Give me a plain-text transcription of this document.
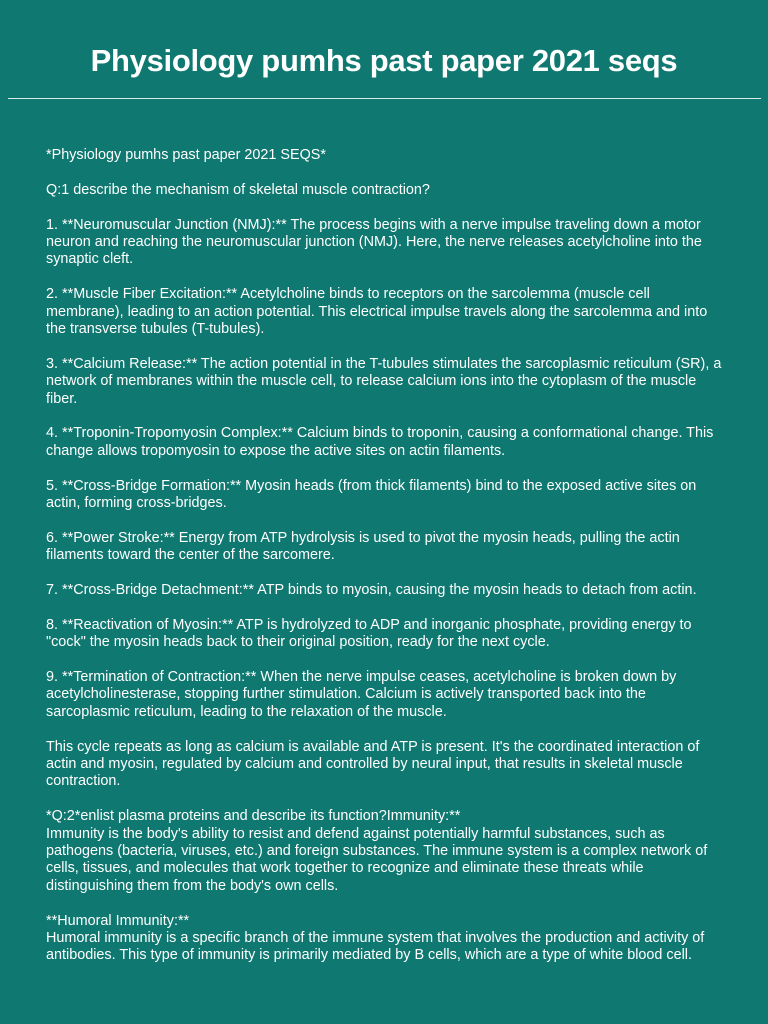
Physiology pumhs past paper 2021 seqs

*Physiology pumhs past paper 2021 SEQS*

Q:1 describe the mechanism of skeletal muscle contraction?

1. **Neuromuscular Junction (NMJ):** The process begins with a nerve impulse traveling down a motor neuron and reaching the neuromuscular junction (NMJ). Here, the nerve releases acetylcholine into the synaptic cleft.

2. **Muscle Fiber Excitation:** Acetylcholine binds to receptors on the sarcolemma (muscle cell membrane), leading to an action potential. This electrical impulse travels along the sarcolemma and into the transverse tubules (T-tubules).

3. **Calcium Release:** The action potential in the T-tubules stimulates the sarcoplasmic reticulum (SR), a network of membranes within the muscle cell, to release calcium ions into the cytoplasm of the muscle fiber.

4. **Troponin-Tropomyosin Complex:** Calcium binds to troponin, causing a conformational change. This change allows tropomyosin to expose the active sites on actin filaments.

5. **Cross-Bridge Formation:** Myosin heads (from thick filaments) bind to the exposed active sites on actin, forming cross-bridges.

6. **Power Stroke:** Energy from ATP hydrolysis is used to pivot the myosin heads, pulling the actin filaments toward the center of the sarcomere.

7. **Cross-Bridge Detachment:** ATP binds to myosin, causing the myosin heads to detach from actin.

8. **Reactivation of Myosin:** ATP is hydrolyzed to ADP and inorganic phosphate, providing energy to "cock" the myosin heads back to their original position, ready for the next cycle.

9. **Termination of Contraction:** When the nerve impulse ceases, acetylcholine is broken down by acetylcholinesterase, stopping further stimulation. Calcium is actively transported back into the sarcoplasmic reticulum, leading to the relaxation of the muscle.

This cycle repeats as long as calcium is available and ATP is present. It's the coordinated interaction of actin and myosin, regulated by calcium and controlled by neural input, that results in skeletal muscle contraction.

*Q:2*enlist plasma proteins and describe its function?Immunity:**
Immunity is the body's ability to resist and defend against potentially harmful substances, such as pathogens (bacteria, viruses, etc.) and foreign substances. The immune system is a complex network of cells, tissues, and molecules that work together to recognize and eliminate these threats while distinguishing them from the body's own cells.

**Humoral Immunity:**
Humoral immunity is a specific branch of the immune system that involves the production and activity of antibodies. This type of immunity is primarily mediated by B cells, which are a type of white blood cell.
